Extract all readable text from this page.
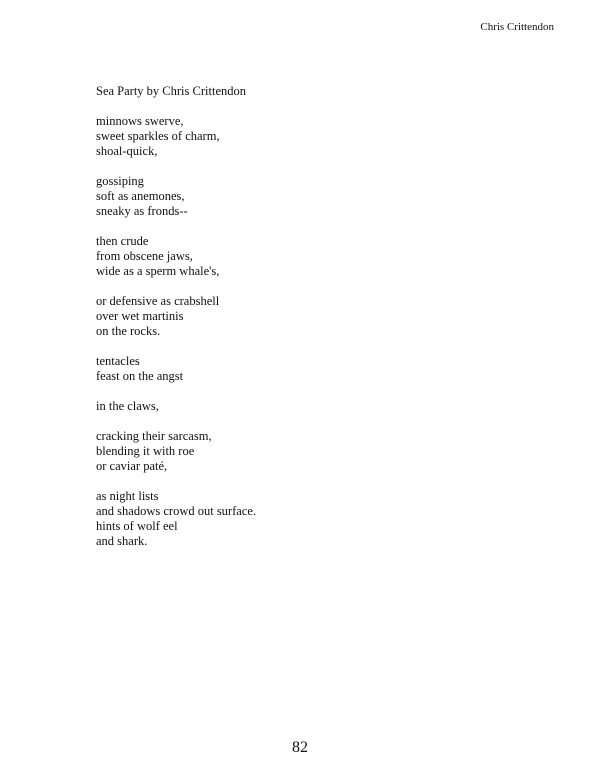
Chris Crittendon
Sea Party by Chris Crittendon
minnows swerve,
sweet sparkles of charm,
shoal-quick,
gossiping
soft as anemones,
sneaky as fronds--
then crude
from obscene jaws,
wide as a sperm whale's,
or defensive as crabshell
over wet martinis
on the rocks.
tentacles
feast on the angst
in the claws,
cracking their sarcasm,
blending it with roe
or caviar paté,
as night lists
and shadows crowd out surface.
hints of wolf eel
and shark.
82
